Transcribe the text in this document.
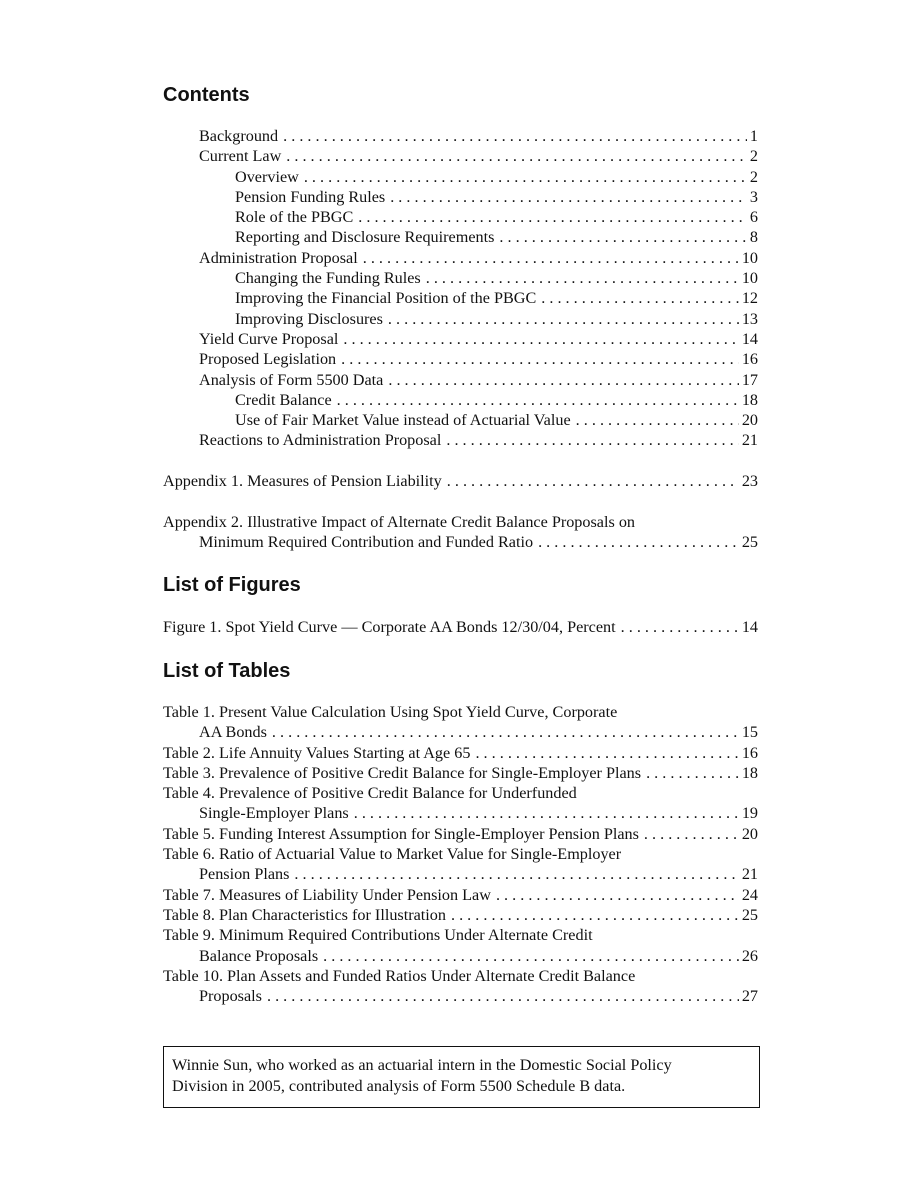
Contents
Background . . .	1
Current Law . . .	2
Overview . . .	2
Pension Funding Rules . . .	3
Role of the PBGC . . .	6
Reporting and Disclosure Requirements . . .	8
Administration Proposal . . .	10
Changing the Funding Rules . . .	10
Improving the Financial Position of the PBGC . . .	12
Improving Disclosures . . .	13
Yield Curve Proposal . . .	14
Proposed Legislation . . .	16
Analysis of Form 5500 Data . . .	17
Credit Balance . . .	18
Use of Fair Market Value instead of Actuarial Value . . .	20
Reactions to Administration Proposal . . .	21
Appendix 1. Measures of Pension Liability . . .	23
Appendix 2. Illustrative Impact of Alternate Credit Balance Proposals on
Minimum Required Contribution and Funded Ratio . . .	25
List of Figures
Figure 1. Spot Yield Curve — Corporate AA Bonds 12/30/04, Percent . . .	14
List of Tables
Table 1. Present Value Calculation Using Spot Yield Curve, Corporate
AA Bonds . . .	15
Table 2. Life Annuity Values Starting at Age 65 . . .	16
Table 3. Prevalence of Positive Credit Balance for Single-Employer Plans . . .	18
Table 4. Prevalence of Positive Credit Balance for Underfunded
Single-Employer Plans . . .	19
Table 5. Funding Interest Assumption for Single-Employer Pension Plans . . .	20
Table 6. Ratio of Actuarial Value to Market Value for Single-Employer
Pension Plans . . .	21
Table 7. Measures of Liability Under Pension Law . . .	24
Table 8. Plan Characteristics for Illustration . . .	25
Table 9. Minimum Required Contributions Under Alternate Credit
Balance Proposals . . .	26
Table 10. Plan Assets and Funded Ratios Under Alternate Credit Balance
Proposals . . .	27
Winnie Sun, who worked as an actuarial intern in the Domestic Social Policy
Division in 2005, contributed analysis of Form 5500 Schedule B data.
